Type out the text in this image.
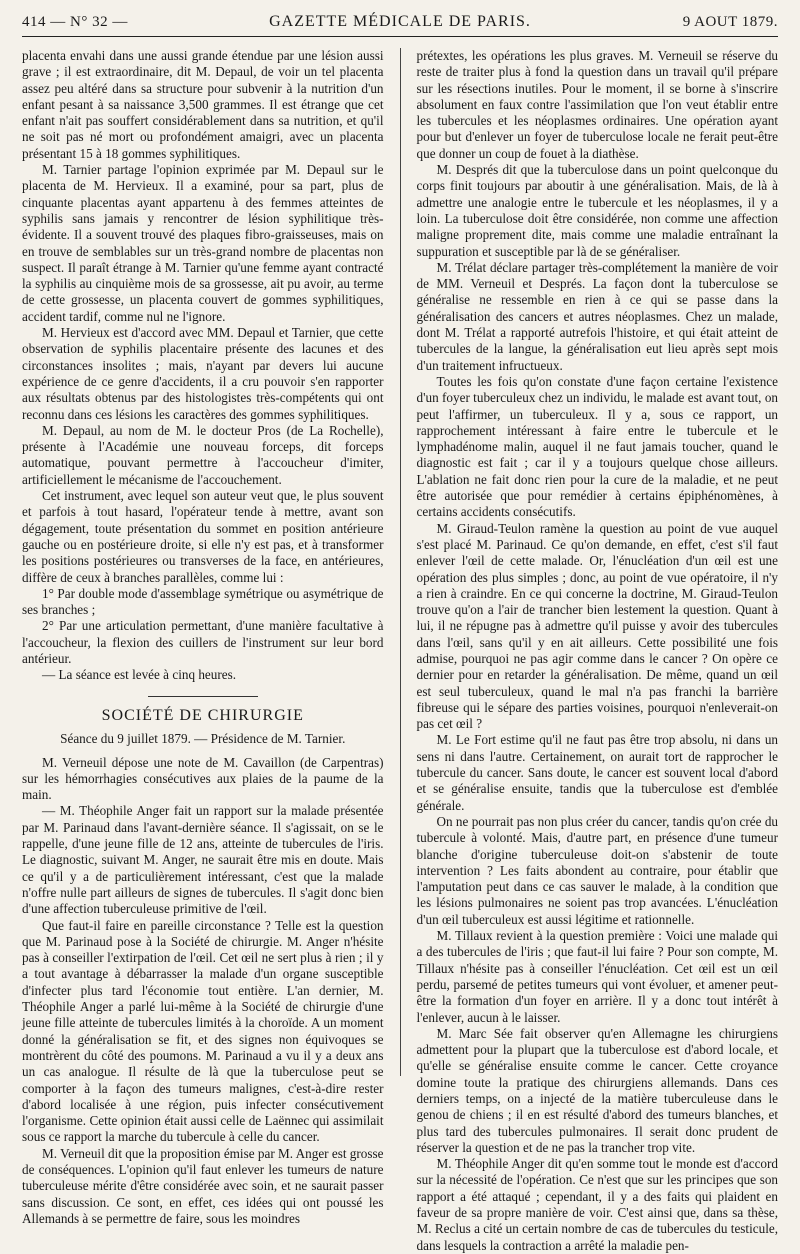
414 — N° 32 —	GAZETTE MÉDICALE DE PARIS.	9 AOUT 1879.

placenta envahi dans une aussi grande étendue par une lésion aussi grave ; il est extraordinaire, dit M. Depaul, de voir un tel placenta assez peu altéré dans sa structure pour subvenir à la nutrition d'un enfant pesant à sa naissance 3,500 grammes. Il est étrange que cet enfant n'ait pas souffert considérablement dans sa nutrition, et qu'il ne soit pas né mort ou profondément amaigri, avec un placenta présentant 15 à 18 gommes syphilitiques.

M. Tarnier partage l'opinion exprimée par M. Depaul sur le placenta de M. Hervieux. Il a examiné, pour sa part, plus de cinquante placentas ayant appartenu à des femmes atteintes de syphilis sans jamais y rencontrer de lésion syphilitique très-évidente. Il a souvent trouvé des plaques fibro-graisseuses, mais on en trouve de semblables sur un très-grand nombre de placentas non suspect. Il paraît étrange à M. Tarnier qu'une femme ayant contracté la syphilis au cinquième mois de sa grossesse, ait pu avoir, au terme de cette grossesse, un placenta couvert de gommes syphilitiques, accident tardif, comme nul ne l'ignore.

M. Hervieux est d'accord avec MM. Depaul et Tarnier, que cette observation de syphilis placentaire présente des lacunes et des circonstances insolites ; mais, n'ayant par devers lui aucune expérience de ce genre d'accidents, il a cru pouvoir s'en rapporter aux résultats obtenus par des histologistes très-compétents qui ont reconnu dans ces lésions les caractères des gommes syphilitiques.

M. Depaul, au nom de M. le docteur Pros (de La Rochelle), présente à l'Académie une nouveau forceps, dit forceps automatique, pouvant permettre à l'accoucheur d'imiter, artificiellement le mécanisme de l'accouchement.

Cet instrument, avec lequel son auteur veut que, le plus souvent et parfois à tout hasard, l'opérateur tende à mettre, avant son dégagement, toute présentation du sommet en position antérieure gauche ou en postérieure droite, si elle n'y est pas, et à transformer les positions postérieures ou transverses de la face, en antérieures, diffère de ceux à branches parallèles, comme lui :

1° Par double mode d'assemblage symétrique ou asymétrique de ses branches ;

2° Par une articulation permettant, d'une manière facultative à l'accoucheur, la flexion des cuillers de l'instrument sur leur bord antérieur.

— La séance est levée à cinq heures.

SOCIÉTÉ DE CHIRURGIE
Séance du 9 juillet 1879. — Présidence de M. Tarnier.

M. Verneuil dépose une note de M. Cavaillon (de Carpentras) sur les hémorrhagies consécutives aux plaies de la paume de la main.

— M. Théophile Anger fait un rapport sur la malade présentée par M. Parinaud dans l'avant-dernière séance. Il s'agissait, on se le rappelle, d'une jeune fille de 12 ans, atteinte de tubercules de l'iris. Le diagnostic, suivant M. Anger, ne saurait être mis en doute. Mais ce qu'il y a de particulièrement intéressant, c'est que la malade n'offre nulle part ailleurs de signes de tubercules. Il s'agit donc bien d'une affection tuberculeuse primitive de l'œil.

Que faut-il faire en pareille circonstance ? Telle est la question que M. Parinaud pose à la Société de chirurgie. M. Anger n'hésite pas à conseiller l'extirpation de l'œil. Cet œil ne sert plus à rien ; il y a tout avantage à débarrasser la malade d'un organe susceptible d'infecter plus tard l'économie tout entière. L'an dernier, M. Théophile Anger a parlé lui-même à la Société de chirurgie d'une jeune fille atteinte de tubercules limités à la choroïde. A un moment donné la généralisation se fit, et des signes non équivoques se montrèrent du côté des poumons. M. Parinaud a vu il y a deux ans un cas analogue. Il résulte de là que la tuberculose peut se comporter à la façon des tumeurs malignes, c'est-à-dire rester d'abord localisée à une région, puis infecter consécutivement l'organisme. Cette opinion était aussi celle de Laënnec qui assimilait sous ce rapport la marche du tubercule à celle du cancer.

M. Verneuil dit que la proposition émise par M. Anger est grosse de conséquences. L'opinion qu'il faut enlever les tumeurs de nature tuberculeuse mérite d'être considérée avec soin, et ne saurait passer sans discussion. Ce sont, en effet, ces idées qui ont poussé les Allemands à se permettre de faire, sous les moindres

prétextes, les opérations les plus graves. M. Verneuil se réserve du reste de traiter plus à fond la question dans un travail qu'il prépare sur les résections inutiles. Pour le moment, il se borne à s'inscrire absolument en faux contre l'assimilation que l'on veut établir entre les tubercules et les néoplasmes ordinaires. Une opération ayant pour but d'enlever un foyer de tuberculose locale ne ferait peut-être que donner un coup de fouet à la diathèse.

M. Després dit que la tuberculose dans un point quelconque du corps finit toujours par aboutir à une généralisation. Mais, de là à admettre une analogie entre le tubercule et les néoplasmes, il y a loin. La tuberculose doit être considérée, non comme une affection maligne proprement dite, mais comme une maladie entraînant la suppuration et susceptible par là de se généraliser.

M. Trélat déclare partager très-complétement la manière de voir de MM. Verneuil et Després. La façon dont la tuberculose se généralise ne ressemble en rien à ce qui se passe dans la généralisation des cancers et autres néoplasmes. Chez un malade, dont M. Trélat a rapporté autrefois l'histoire, et qui était atteint de tubercules de la langue, la généralisation eut lieu après sept mois d'un traitement infructueux.

Toutes les fois qu'on constate d'une façon certaine l'existence d'un foyer tuberculeux chez un individu, le malade est avant tout, on peut l'affirmer, un tuberculeux. Il y a, sous ce rapport, un rapprochement intéressant à faire entre le tubercule et le lymphadénome malin, auquel il ne faut jamais toucher, quand le diagnostic est fait ; car il y a toujours quelque chose ailleurs. L'ablation ne fait donc rien pour la cure de la maladie, et ne peut être autorisée que pour remédier à certains épiphénomènes, à certains accidents consécutifs.

M. Giraud-Teulon ramène la question au point de vue auquel s'est placé M. Parinaud. Ce qu'on demande, en effet, c'est s'il faut enlever l'œil de cette malade. Or, l'énucléation d'un œil est une opération des plus simples ; donc, au point de vue opératoire, il n'y a rien à craindre. En ce qui concerne la doctrine, M. Giraud-Teulon trouve qu'on a l'air de trancher bien lestement la question. Quant à lui, il ne répugne pas à admettre qu'il puisse y avoir des tubercules dans l'œil, sans qu'il y en ait ailleurs. Cette possibilité une fois admise, pourquoi ne pas agir comme dans le cancer ? On opère ce dernier pour en retarder la généralisation. De même, quand un œil est seul tuberculeux, quand le mal n'a pas franchi la barrière fibreuse qui le sépare des parties voisines, pourquoi n'enleverait-on pas cet œil ?

M. Le Fort estime qu'il ne faut pas être trop absolu, ni dans un sens ni dans l'autre. Certainement, on aurait tort de rapprocher le tubercule du cancer. Sans doute, le cancer est souvent local d'abord et se généralise ensuite, tandis que la tuberculose est d'emblée générale.

On ne pourrait pas non plus créer du cancer, tandis qu'on crée du tubercule à volonté. Mais, d'autre part, en présence d'une tumeur blanche d'origine tuberculeuse doit-on s'abstenir de toute intervention ? Les faits abondent au contraire, pour établir que l'amputation peut dans ce cas sauver le malade, à la condition que les lésions pulmonaires ne soient pas trop avancées. L'énucléation d'un œil tuberculeux est aussi légitime et rationnelle.

M. Tillaux revient à la question première : Voici une malade qui a des tubercules de l'iris ; que faut-il lui faire ? Pour son compte, M. Tillaux n'hésite pas à conseiller l'énucléation. Cet œil est un œil perdu, parsemé de petites tumeurs qui vont évoluer, et amener peut-être la formation d'un foyer en arrière. Il y a donc tout intérêt à l'enlever, aucun à le laisser.

M. Marc Sée fait observer qu'en Allemagne les chirurgiens admettent pour la plupart que la tuberculose est d'abord locale, et qu'elle se généralise ensuite comme le cancer. Cette croyance domine toute la pratique des chirurgiens allemands. Dans ces derniers temps, on a injecté de la matière tuberculeuse dans le genou de chiens ; il en est résulté d'abord des tumeurs blanches, et plus tard des tubercules pulmonaires. Il serait donc prudent de réserver la question et de ne pas la trancher trop vite.

M. Théophile Anger dit qu'en somme tout le monde est d'accord sur la nécessité de l'opération. Ce n'est que sur les principes que son rapport a été attaqué ; cependant, il y a des faits qui plaident en faveur de sa propre manière de voir. C'est ainsi que, dans sa thèse, M. Reclus a cité un certain nombre de cas de tubercules du testicule, dans lesquels la contraction a arrêté la maladie pen-
